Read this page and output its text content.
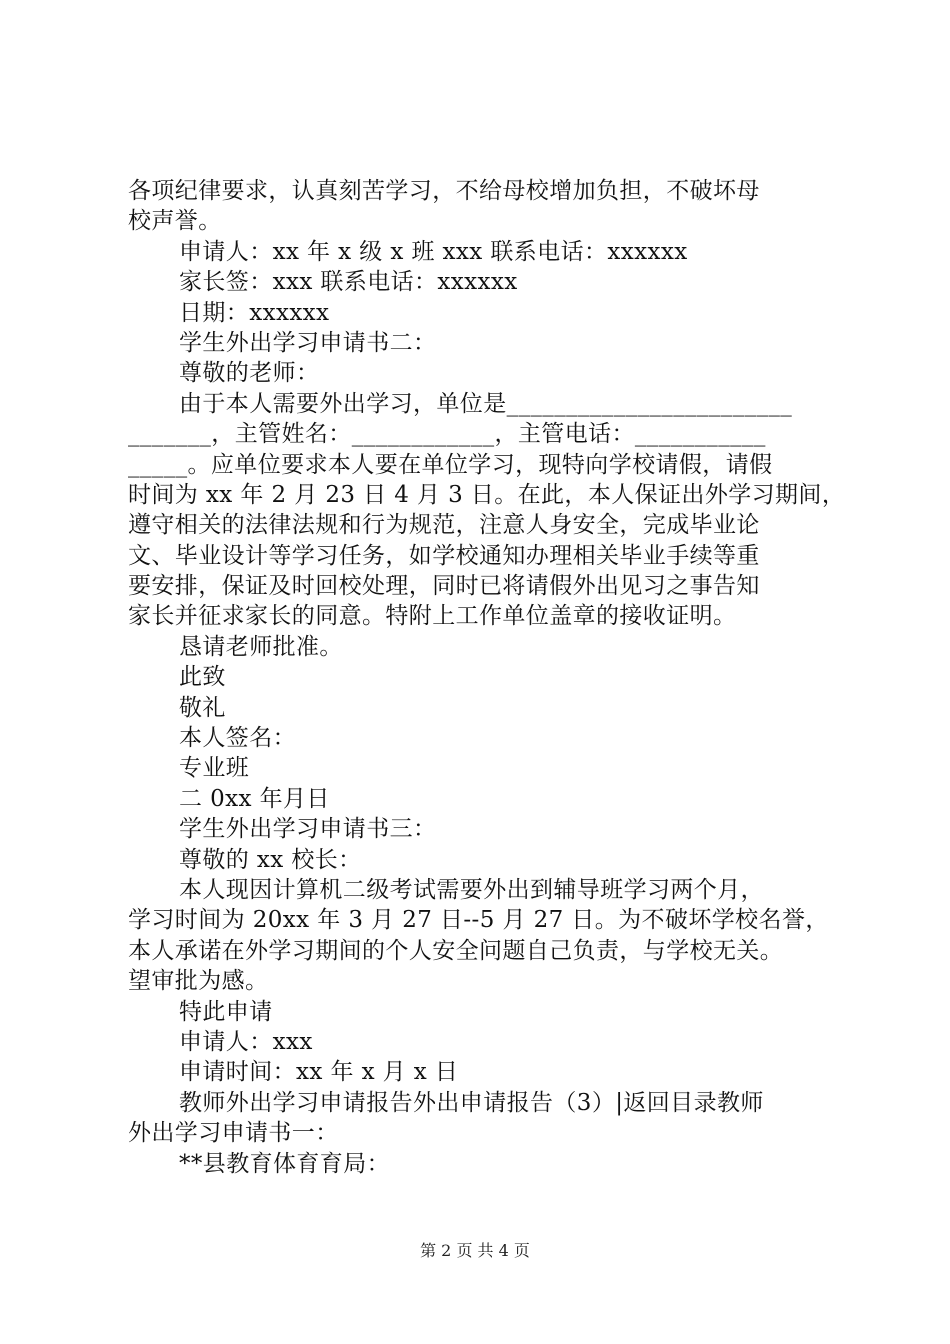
各项纪律要求，认真刻苦学习，不给母校增加负担，不破坏母
校声誉。
申请人：xx 年 x 级 x 班 xxx 联系电话：xxxxxx
家长签：xxx 联系电话：xxxxxx
日期：xxxxxx
学生外出学习申请书二：
尊敬的老师：
由于本人需要外出学习，单位是________________________
_______，主管姓名：____________，主管电话：___________
_____。应单位要求本人要在单位学习，现特向学校请假，请假
时间为 xx 年 2 月 23 日 4 月 3 日。在此，本人保证出外学习期间，
遵守相关的法律法规和行为规范，注意人身安全，完成毕业论
文、毕业设计等学习任务，如学校通知办理相关毕业手续等重
要安排，保证及时回校处理，同时已将请假外出见习之事告知
家长并征求家长的同意。特附上工作单位盖章的接收证明。
恳请老师批准。
此致
敬礼
本人签名：
专业班
二 0xx 年月日
学生外出学习申请书三：
尊敬的 xx 校长：
本人现因计算机二级考试需要外出到辅导班学习两个月，
学习时间为 20xx 年 3 月 27 日--5 月 27 日。为不破坏学校名誉，
本人承诺在外学习期间的个人安全问题自己负责，与学校无关。
望审批为感。
特此申请
申请人：xxx
申请时间：xx 年 x 月 x 日
教师外出学习申请报告外出申请报告（3）|返回目录教师
外出学习申请书一：
**县教育体育育局：
第 2 页 共 4 页
